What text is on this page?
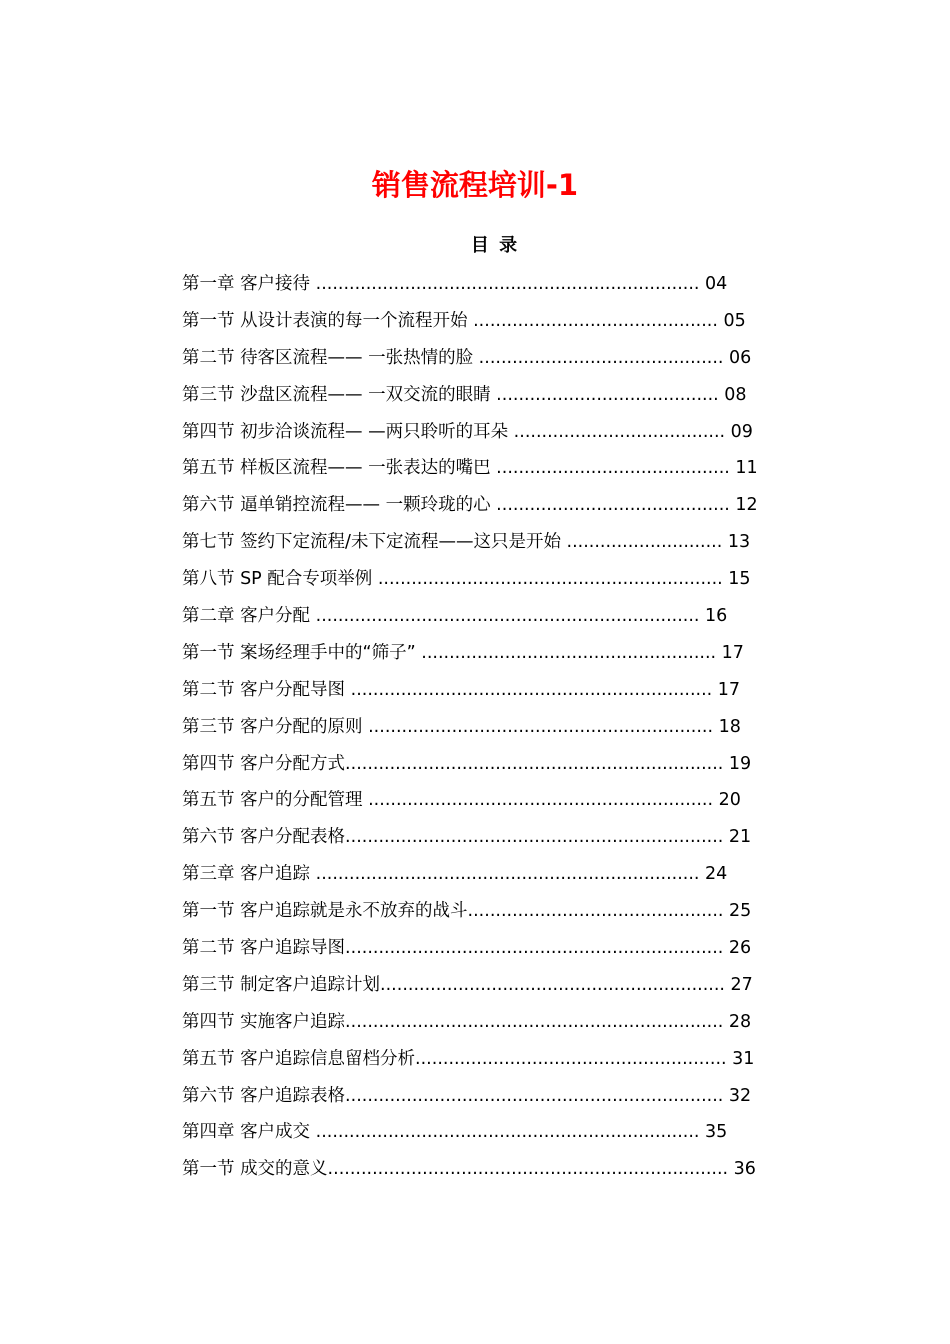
销售流程培训-1
目 录
第一章 客户接待 ..................................................................... 04
第一节 从设计表演的每一个流程开始 ............................................ 05
第二节 待客区流程—— 一张热情的脸 ............................................ 06
第三节 沙盘区流程—— 一双交流的眼睛 ........................................ 08
第四节 初步洽谈流程— —两只聆听的耳朵 ...................................... 09
第五节 样板区流程—— 一张表达的嘴巴 .......................................... 11
第六节 逼单销控流程—— 一颗玲珑的心 .......................................... 12
第七节 签约下定流程/未下定流程——这只是开始 ............................ 13
第八节 SP 配合专项举例 .............................................................. 15
第二章 客户分配 ..................................................................... 16
第一节 案场经理手中的“筛子” ..................................................... 17
第二节 客户分配导图 ................................................................. 17
第三节 客户分配的原则 .............................................................. 18
第四节 客户分配方式.................................................................... 19
第五节 客户的分配管理 .............................................................. 20
第六节 客户分配表格.................................................................... 21
第三章 客户追踪 ..................................................................... 24
第一节 客户追踪就是永不放弃的战斗.............................................. 25
第二节 客户追踪导图.................................................................... 26
第三节 制定客户追踪计划.............................................................. 27
第四节 实施客户追踪.................................................................... 28
第五节 客户追踪信息留档分析........................................................ 31
第六节 客户追踪表格.................................................................... 32
第四章 客户成交 ..................................................................... 35
第一节 成交的意义........................................................................ 36
